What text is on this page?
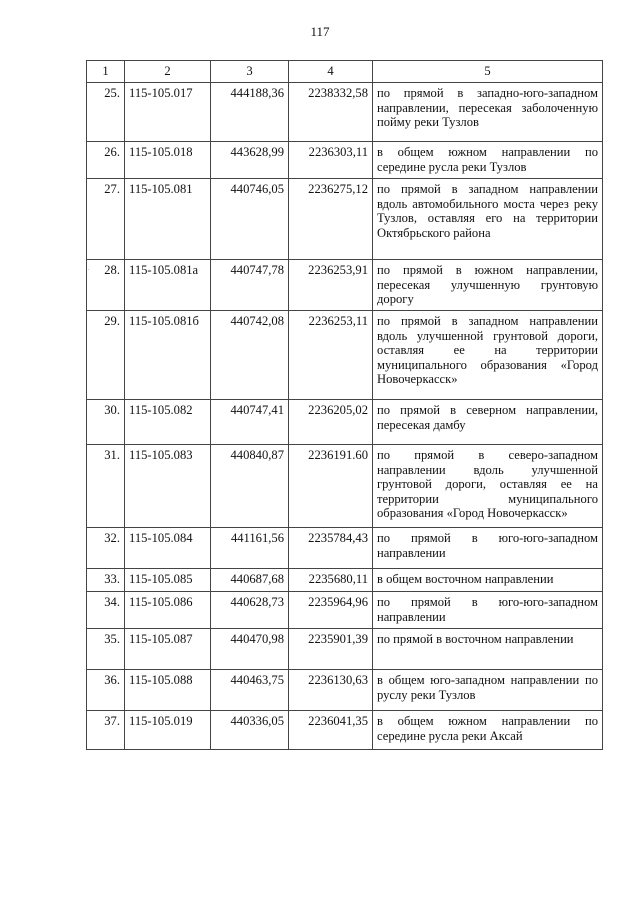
117
.
1	2	3	4	5
25.	115-105.017	444188,36	2238332,58	по прямой в западно-юго-западном направлении, пересекая заболоченную пойму реки Тузлов
26.	115-105.018	443628,99	2236303,11	в общем южном направлении по середине русла реки Тузлов
27.	115-105.081	440746,05	2236275,12	по прямой в западном направлении вдоль автомобильного моста через реку Тузлов, оставляя его на территории Октябрьского района
28.	115-105.081а	440747,78	2236253,91	по прямой в южном направлении, пересекая улучшенную грунтовую дорогу
29.	115-105.081б	440742,08	2236253,11	по прямой в западном направлении вдоль улучшенной грунтовой дороги, оставляя ее на территории муниципального образования «Город Новочеркасск»
30.	115-105.082	440747,41	2236205,02	по прямой в северном направлении, пересекая дамбу
31.	115-105.083	440840,87	2236191.60	по прямой в северо-западном направлении вдоль улучшенной грунтовой дороги, оставляя ее на территории муниципального образования «Город Новочеркасск»
32.	115-105.084	441161,56	2235784,43	по прямой в юго-юго-западном направлении
33.	115-105.085	440687,68	2235680,11	в общем восточном направлении
34.	115-105.086	440628,73	2235964,96	по прямой в юго-юго-западном направлении
35.	115-105.087	440470,98	2235901,39	по прямой в восточном направлении
36.	115-105.088	440463,75	2236130,63	в общем юго-западном направлении по руслу реки Тузлов
37.	115-105.019	440336,05	2236041,35	в общем южном направлении по середине русла реки Аксай
